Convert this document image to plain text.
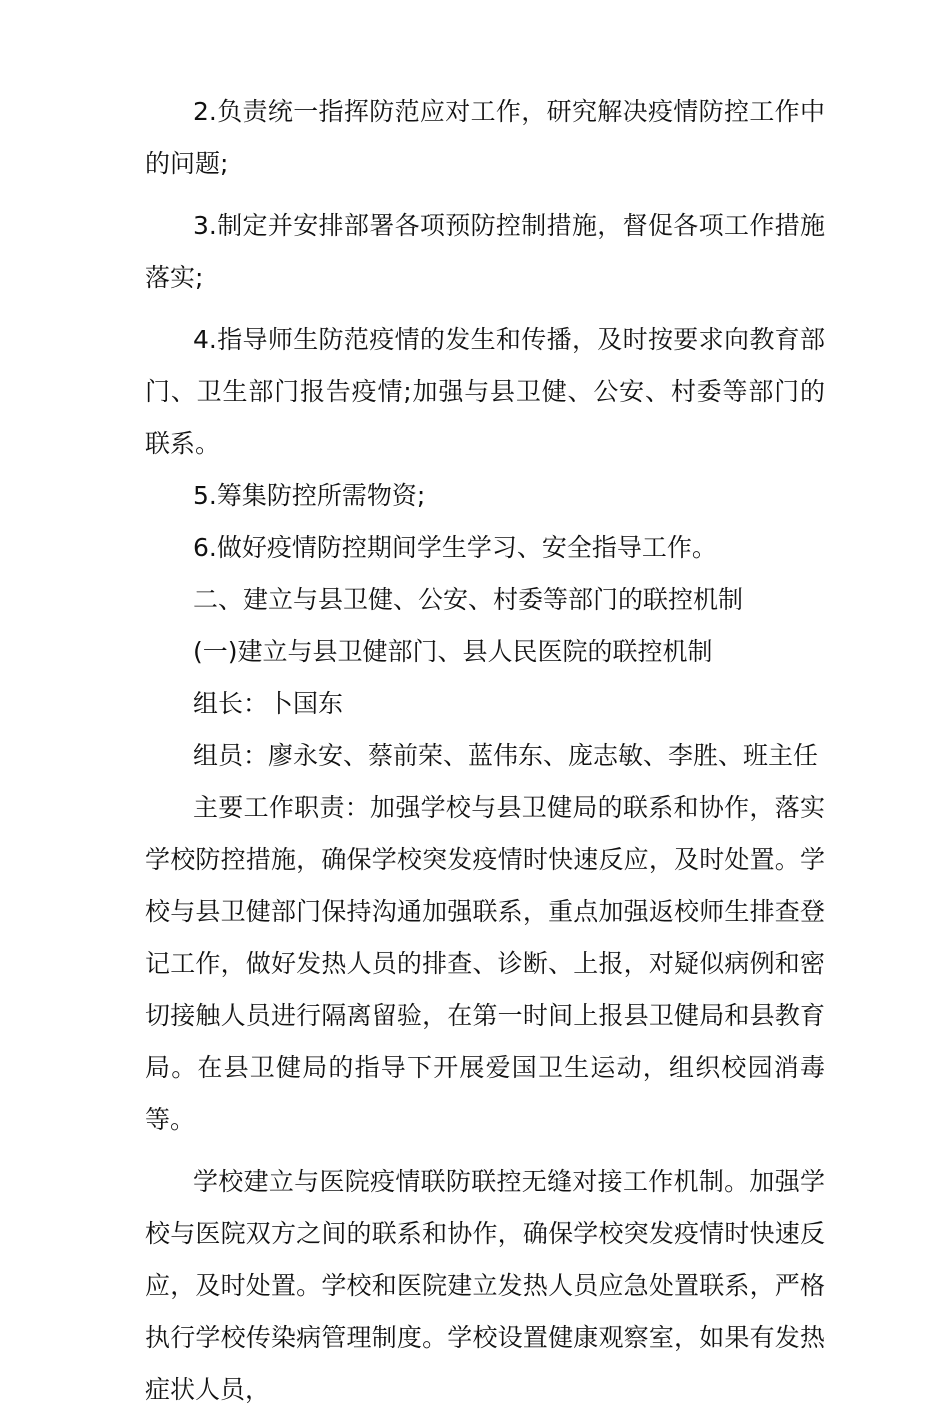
2.负责统一指挥防范应对工作，研究解决疫情防控工作中的问题;

3.制定并安排部署各项预防控制措施，督促各项工作措施落实;

4.指导师生防范疫情的发生和传播，及时按要求向教育部门、卫生部门报告疫情;加强与县卫健、公安、村委等部门的联系。

5.筹集防控所需物资;

6.做好疫情防控期间学生学习、安全指导工作。

二、建立与县卫健、公安、村委等部门的联控机制

(一)建立与县卫健部门、县人民医院的联控机制

组长：卜国东

组员：廖永安、蔡前荣、蓝伟东、庞志敏、李胜、班主任

主要工作职责：加强学校与县卫健局的联系和协作，落实学校防控措施，确保学校突发疫情时快速反应，及时处置。学校与县卫健部门保持沟通加强联系，重点加强返校师生排查登记工作，做好发热人员的排查、诊断、上报，对疑似病例和密切接触人员进行隔离留验，在第一时间上报县卫健局和县教育局。在县卫健局的指导下开展爱国卫生运动，组织校园消毒等。

学校建立与医院疫情联防联控无缝对接工作机制。加强学校与医院双方之间的联系和协作，确保学校突发疫情时快速反应，及时处置。学校和医院建立发热人员应急处置联系，严格执行学校传染病管理制度。学校设置健康观察室，如果有发热症状人员，
